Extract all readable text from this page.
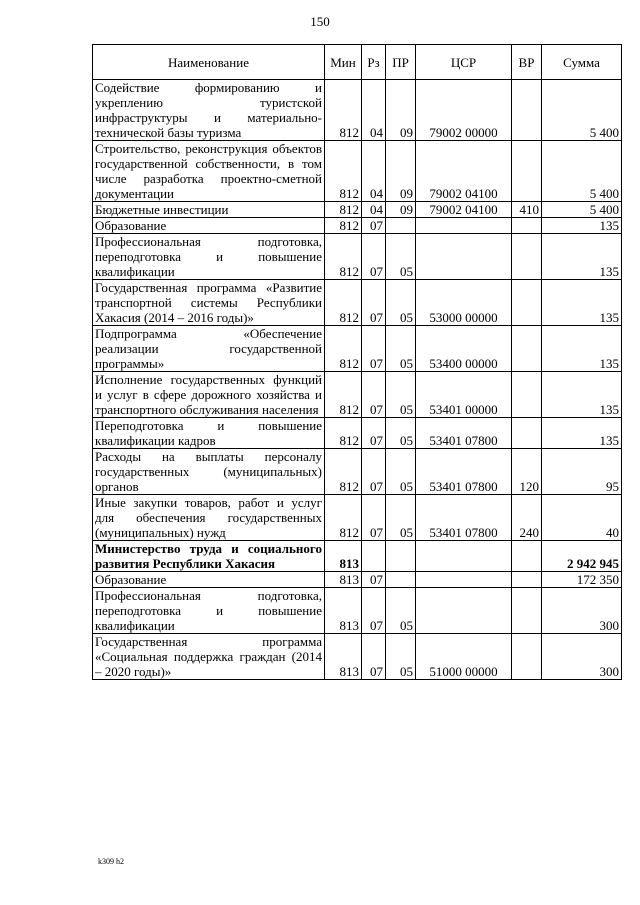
150
Наименование	Мин	Рз	ПР	ЦСР	ВР	Сумма
Содействие формированию и укреплению туристской инфраструктуры и материально-технической базы туризма	812	04	09	79002 00000		5 400
Строительство, реконструкция объектов государственной собственности, в том числе разработка проектно-сметной документации	812	04	09	79002 04100		5 400
Бюджетные инвестиции	812	04	09	79002 04100	410	5 400
Образование	812	07				135
Профессиональная подготовка, переподготовка и повышение квалификации	812	07	05			135
Государственная программа «Развитие транспортной системы Республики Хакасия (2014 – 2016 годы)»	812	07	05	53000 00000		135
Подпрограмма «Обеспечение реализации государственной программы»	812	07	05	53400 00000		135
Исполнение государственных функций и услуг в сфере дорожного хозяйства и транспортного обслуживания населения	812	07	05	53401 00000		135
Переподготовка и повышение квалификации кадров	812	07	05	53401 07800		135
Расходы на выплаты персоналу государственных (муниципальных) органов	812	07	05	53401 07800	120	95
Иные закупки товаров, работ и услуг для обеспечения государственных (муниципальных) нужд	812	07	05	53401 07800	240	40
Министерство труда и социального развития Республики Хакасия	813					2 942 945
Образование	813	07				172 350
Профессиональная подготовка, переподготовка и повышение квалификации	813	07	05			300
Государственная программа «Социальная поддержка граждан (2014 – 2020 годы)»	813	07	05	51000 00000		300
k309 h2
